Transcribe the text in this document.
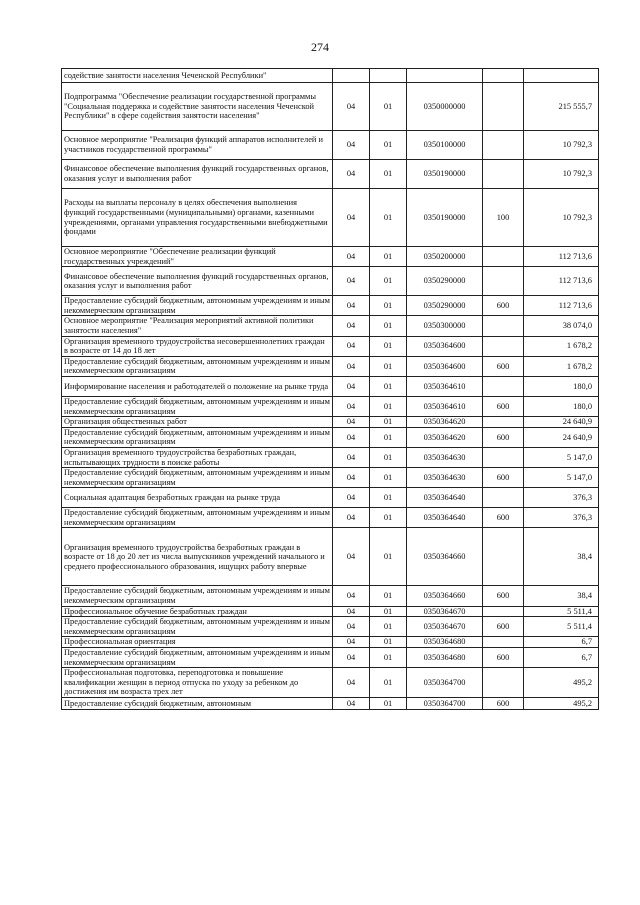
274
содействие занятости населения Чеченской Республики"					
Подпрограмма "Обеспечение реализации государственной программы "Социальная поддержка и содействие занятости населения Чеченской Республики" в сфере содействия занятости населения"	04	01	0350000000		215 555,7
Основное мероприятие "Реализация функций аппаратов исполнителей и участников государственной программы"	04	01	0350100000		10 792,3
Финансовое обеспечение выполнения функций государственных органов, оказания услуг и выполнения работ	04	01	0350190000		10 792,3
Расходы на выплаты персоналу в целях обеспечения выполнения функций государственными (муниципальными) органами, казенными учреждениями, органами управления государственными внебюджетными фондами	04	01	0350190000	100	10 792,3
Основное мероприятие "Обеспечение реализации функций государственных учреждений"	04	01	0350200000		112 713,6
Финансовое обеспечение выполнения функций государственных органов, оказания услуг и выполнения работ	04	01	0350290000		112 713,6
Предоставление субсидий бюджетным, автономным учреждениям и иным некоммерческим организациям	04	01	0350290000	600	112 713,6
Основное мероприятие "Реализация мероприятий активной политики занятости населения"	04	01	0350300000		38 074,0
Организация временного трудоустройства несовершеннолетних граждан в возрасте от 14 до 18 лет	04	01	0350364600		1 678,2
Предоставление субсидий бюджетным, автономным учреждениям и иным некоммерческим организациям	04	01	0350364600	600	1 678,2
Информирование населения и работодателей о положение на рынке труда	04	01	0350364610		180,0
Предоставление субсидий бюджетным, автономным учреждениям и иным некоммерческим организациям	04	01	0350364610	600	180,0
Организация общественных работ	04	01	0350364620		24 640,9
Предоставление субсидий бюджетным, автономным учреждениям и иным некоммерческим организациям	04	01	0350364620	600	24 640,9
Организация временного трудоустройства безработных граждан, испытывающих трудности в поиске работы	04	01	0350364630		5 147,0
Предоставление субсидий бюджетным, автономным учреждениям и иным некоммерческим организациям	04	01	0350364630	600	5 147,0
Социальная адаптация безработных граждан на рынке труда	04	01	0350364640		376,3
Предоставление субсидий бюджетным, автономным учреждениям и иным некоммерческим организациям	04	01	0350364640	600	376,3
Организация временного трудоустройства безработных граждан в возрасте от 18 до 20 лет из числа выпускников учреждений начального и среднего профессионального образования, ищущих работу впервые	04	01	0350364660		38,4
Предоставление субсидий бюджетным, автономным учреждениям и иным некоммерческим организациям	04	01	0350364660	600	38,4
Профессиональное обучение безработных граждан	04	01	0350364670		5 511,4
Предоставление субсидий бюджетным, автономным учреждениям и иным некоммерческим организациям	04	01	0350364670	600	5 511,4
Профессиональная ориентация	04	01	0350364680		6,7
Предоставление субсидий бюджетным, автономным учреждениям и иным некоммерческим организациям	04	01	0350364680	600	6,7
Профессиональная подготовка, переподготовка и повышение квалификации женщин в период отпуска по уходу за ребенком до достижения им возраста трех лет	04	01	0350364700		495,2
Предоставление субсидий бюджетным, автономным	04	01	0350364700	600	495,2
